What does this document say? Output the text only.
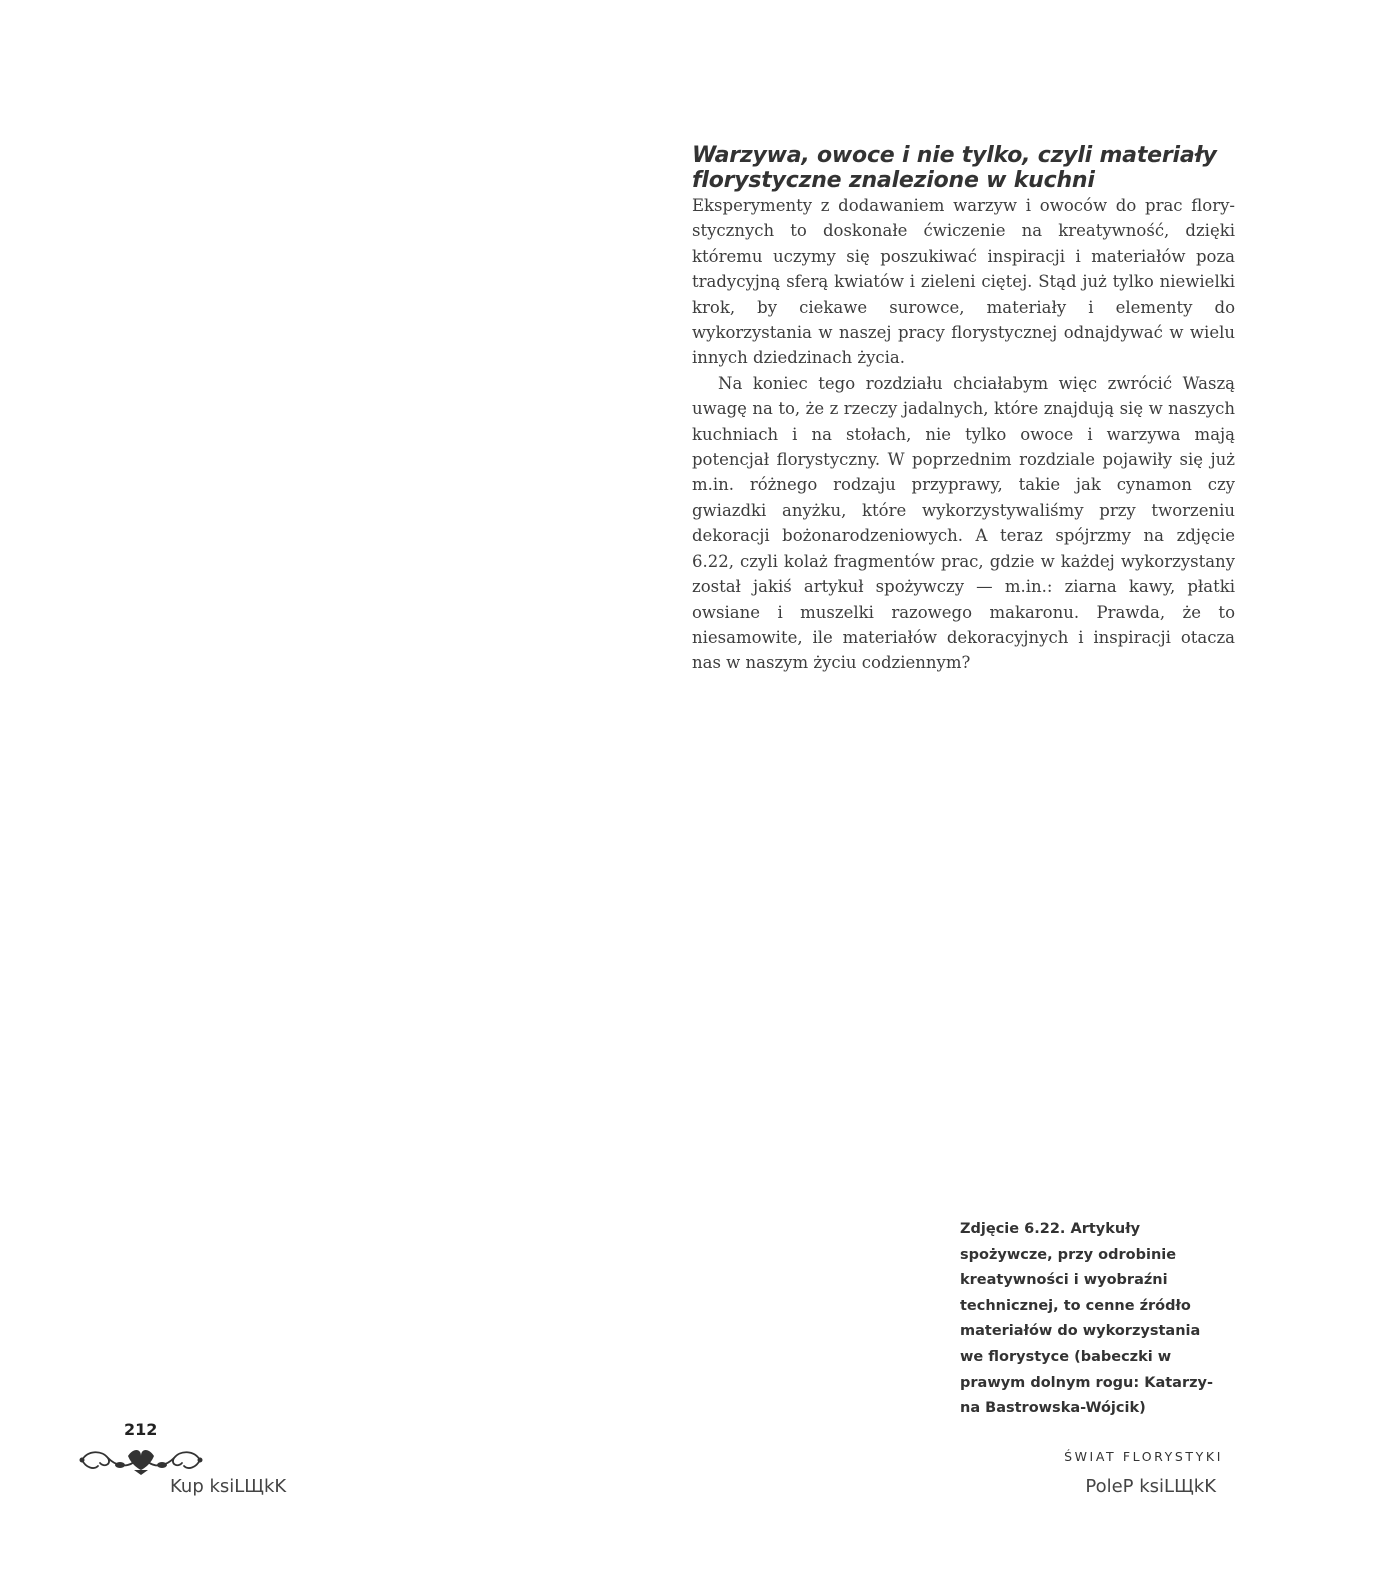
Warzywa, owoce i nie tylko, czyli materiały
florystyczne znalezione w kuchni

Eksperymenty z dodawaniem warzyw i owoców do prac florystycznych to doskonałe ćwiczenie na kreatywność, dzięki któremu uczymy się poszukiwać inspiracji i materiałów poza tradycyjną sferą kwiatów i zieleni ciętej. Stąd już tylko niewielki krok, by ciekawe surowce, materiały i elementy do wykorzystania w naszej pracy florystycznej odnajdywać w wielu innych dziedzinach życia.

Na koniec tego rozdziału chciałabym więc zwrócić Waszą uwagę na to, że z rzeczy jadalnych, które znajdują się w naszych kuchniach i na stołach, nie tylko owoce i warzywa mają potencjał florystyczny. W poprzednim rozdziale pojawiły się już m.in. różnego rodzaju przyprawy, takie jak cynamon czy gwiazdki anyżku, które wykorzystywaliśmy przy tworzeniu dekoracji bożonarodzeniowych. A teraz spójrzmy na zdjęcie 6.22, czyli kolaż fragmentów prac, gdzie w każdej wykorzystany został jakiś artykuł spożywczy — m.in.: ziarna kawy, płatki owsiane i muszelki razowego makaronu. Prawda, że to niesamowite, ile materiałów dekoracyjnych i inspiracji otacza nas w naszym życiu codziennym?

Zdjęcie 6.22. Artykuły spożywcze, przy odrobinie kreatywności i wyobraźni technicznej, to cenne źródło materiałów do wykorzystania we florystyce (babeczki w prawym dolnym rogu: Katarzyna Bastrowska-Wójcik)

212
Kup ksiLЩkK
ŚWIAT FLORYSTYKI
PoleP ksiLЩkK
